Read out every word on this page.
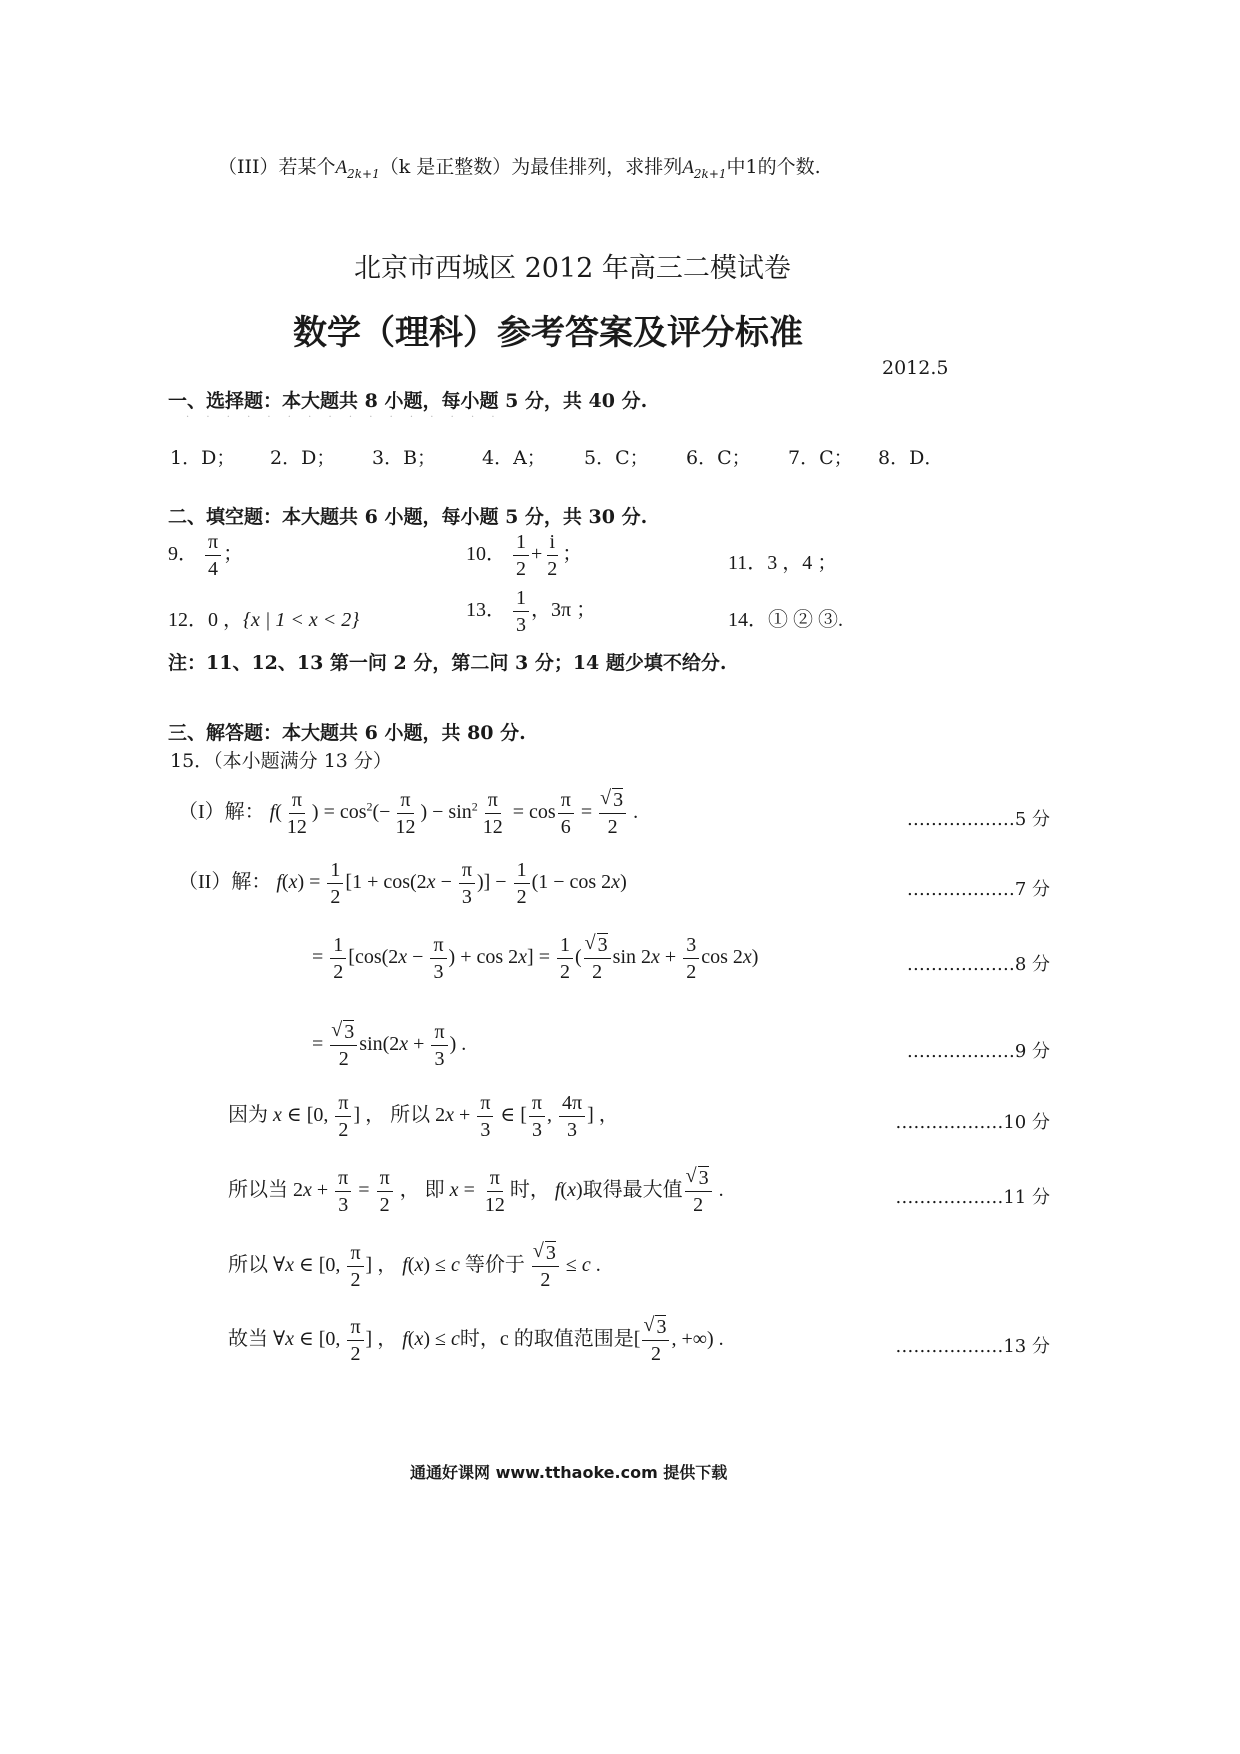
（III）若某个$A_{2k+1}(k$ 是正整数）为最佳排列，求排列$A_{2k+1}$中1的个数.
北京市西城区 2012 年高三二模试卷
数学（理科）参考答案及评分标准
· · · · · · · · · · · · · · · ·
2012.5
一、选择题：本大题共 8 小题，每小题 5 分，共 40 分.
1．D； 2．D； 3．B； 4．A； 5．C； 6．C； 7．C； 8．D．
二、填空题：本大题共 6 小题，每小题 5 分，共 30 分.
9． $\frac{\pi}{4}$ ；	10． $\frac{1}{2} + \frac{i}{2}$ ；	11．3 ，4 ；
12．0 ，{x | 1 < x < 2}	13． $\frac{1}{3}$ ，3π ；	14．① ② ③.
注：11、12、13 第一问 2 分，第二问 3 分；14 题少填不给分.
三、解答题：本大题共 6 小题，共 80 分.
15．（本小题满分 13 分）
（I）解： $f( \frac{\pi}{12}$ ) = $\cos^2(- \frac{\pi}{12}$ ) − $\sin^2 \frac{\pi}{12} = \cos \frac{\pi}{6}$ = √ $\frac{3}{2}$ .	………………5 分
（II）解： $f(x) = \frac{1}{2} [1 + \cos(2x - \frac{\pi}{3}$ )] − $\frac{1}{2} (1 - \cos 2x)$	………………7 分
= $\frac{1}{2} [\cos(2x - \frac{\pi}{3}$ ) + $\cos 2x] = \frac{1}{2}$ ( √ $\frac{3}{2}$ $\sin 2x + \frac{3}{2}$ cos 2x)	………………8 分
= √ $\frac{3}{2} \sin(2x + \frac{\pi}{3}$ ) .	………………9 分
因为 x ∈ [0, $\frac{\pi}{2}$ ] ， 所以 $2x + \frac{\pi}{3}$ ∈ [ $\frac{\pi}{3}$ , $\frac{4\pi}{3}$ ] ，	………………10 分
所以当 $2x + \frac{\pi}{3} = \frac{\pi}{2}$ ， 即 $x = \frac{\pi}{12}$ 时， f(x)取得最大值 √ $\frac{3}{2}$ .	………………11 分
所以 ∀x ∈ [0, $\frac{\pi}{2}$ ] ， f(x) ≤ c 等价于 √ $\frac{3}{2} \le c$ .
故当 ∀x ∈ [0, $\frac{\pi}{2}$ ] ， f(x) ≤ c时，c 的取值范围是[ √ $\frac{3}{2}$ , +∞) .	………………13 分
通通好课网 www.tthaoke.com 提供下载
